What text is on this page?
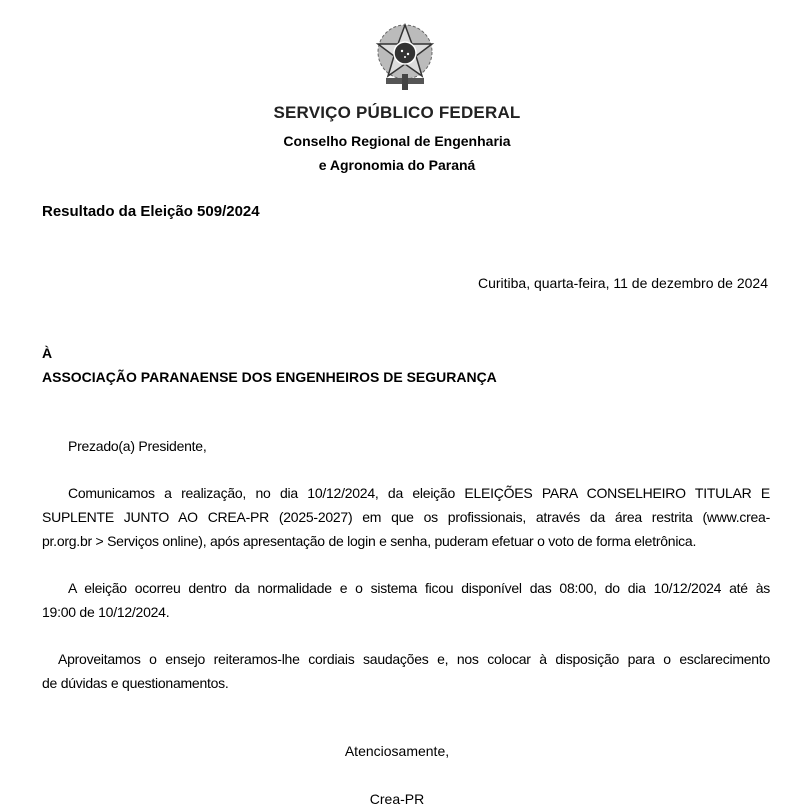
SERVIÇO PÚBLICO FEDERAL
Conselho Regional de Engenharia
e Agronomia do Paraná
Resultado da Eleição 509/2024
Curitiba, quarta-feira, 11 de dezembro de 2024
À
ASSOCIAÇÃO PARANAENSE DOS ENGENHEIROS DE SEGURANÇA
Prezado(a) Presidente,
Comunicamos a realização, no dia 10/12/2024, da eleição ELEIÇÕES PARA CONSELHEIRO TITULAR E
SUPLENTE JUNTO AO CREA-PR (2025-2027) em que os profissionais, através da área restrita (www.crea-
pr.org.br > Serviços online), após apresentação de login e senha, puderam efetuar o voto de forma eletrônica.
A eleição ocorreu dentro da normalidade e o sistema ficou disponível das 08:00, do dia 10/12/2024 até às
19:00 de 10/12/2024.
Aproveitamos o ensejo reiteramos-lhe cordiais saudações e, nos colocar à disposição para o esclarecimento
de dúvidas e questionamentos.
Atenciosamente,
Crea-PR
